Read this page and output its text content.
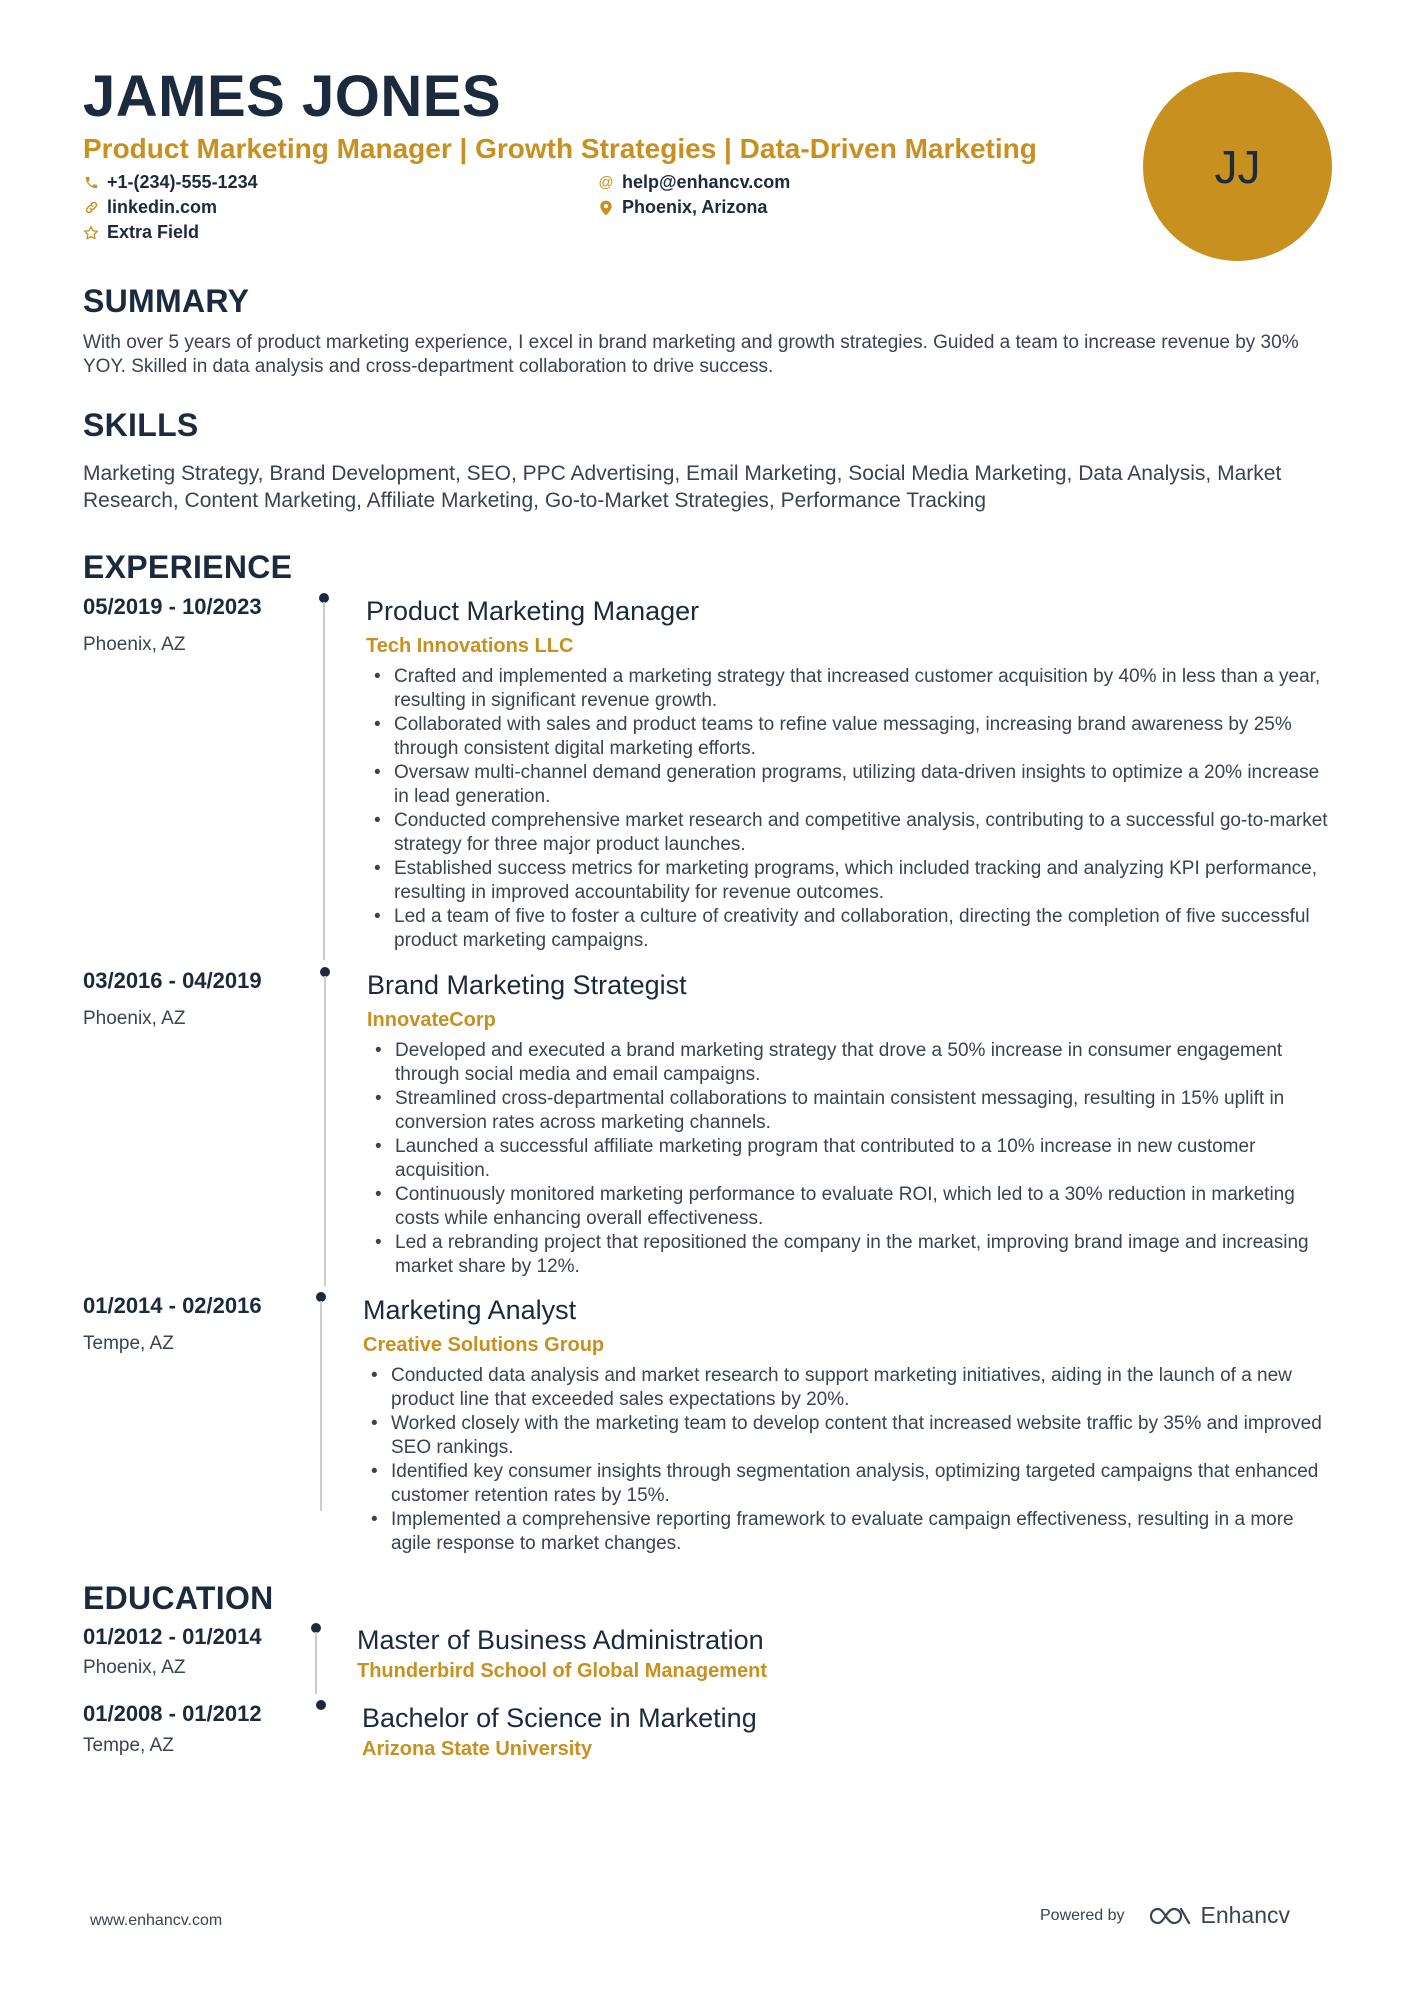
JAMES JONES
Product Marketing Manager | Growth Strategies | Data-Driven Marketing
+1-(234)-555-1234	@ help@enhancv.com
linkedin.com	Phoenix, Arizona
Extra Field
JJ
SUMMARY
With over 5 years of product marketing experience, I excel in brand marketing and growth strategies. Guided a team to increase revenue by 30% YOY. Skilled in data analysis and cross-department collaboration to drive success.
SKILLS
Marketing Strategy, Brand Development, SEO, PPC Advertising, Email Marketing, Social Media Marketing, Data Analysis, Market Research, Content Marketing, Affiliate Marketing, Go-to-Market Strategies, Performance Tracking
EXPERIENCE
05/2019 - 10/2023
Phoenix, AZ
Product Marketing Manager
Tech Innovations LLC
• Crafted and implemented a marketing strategy that increased customer acquisition by 40% in less than a year, resulting in significant revenue growth.
• Collaborated with sales and product teams to refine value messaging, increasing brand awareness by 25% through consistent digital marketing efforts.
• Oversaw multi-channel demand generation programs, utilizing data-driven insights to optimize a 20% increase in lead generation.
• Conducted comprehensive market research and competitive analysis, contributing to a successful go-to-market strategy for three major product launches.
• Established success metrics for marketing programs, which included tracking and analyzing KPI performance, resulting in improved accountability for revenue outcomes.
• Led a team of five to foster a culture of creativity and collaboration, directing the completion of five successful product marketing campaigns.
03/2016 - 04/2019
Phoenix, AZ
Brand Marketing Strategist
InnovateCorp
• Developed and executed a brand marketing strategy that drove a 50% increase in consumer engagement through social media and email campaigns.
• Streamlined cross-departmental collaborations to maintain consistent messaging, resulting in 15% uplift in conversion rates across marketing channels.
• Launched a successful affiliate marketing program that contributed to a 10% increase in new customer acquisition.
• Continuously monitored marketing performance to evaluate ROI, which led to a 30% reduction in marketing costs while enhancing overall effectiveness.
• Led a rebranding project that repositioned the company in the market, improving brand image and increasing market share by 12%.
01/2014 - 02/2016
Tempe, AZ
Marketing Analyst
Creative Solutions Group
• Conducted data analysis and market research to support marketing initiatives, aiding in the launch of a new product line that exceeded sales expectations by 20%.
• Worked closely with the marketing team to develop content that increased website traffic by 35% and improved SEO rankings.
• Identified key consumer insights through segmentation analysis, optimizing targeted campaigns that enhanced customer retention rates by 15%.
• Implemented a comprehensive reporting framework to evaluate campaign effectiveness, resulting in a more agile response to market changes.
EDUCATION
01/2012 - 01/2014
Phoenix, AZ
Master of Business Administration
Thunderbird School of Global Management
01/2008 - 01/2012
Tempe, AZ
Bachelor of Science in Marketing
Arizona State University
www.enhancv.com	Powered by	Enhancv
